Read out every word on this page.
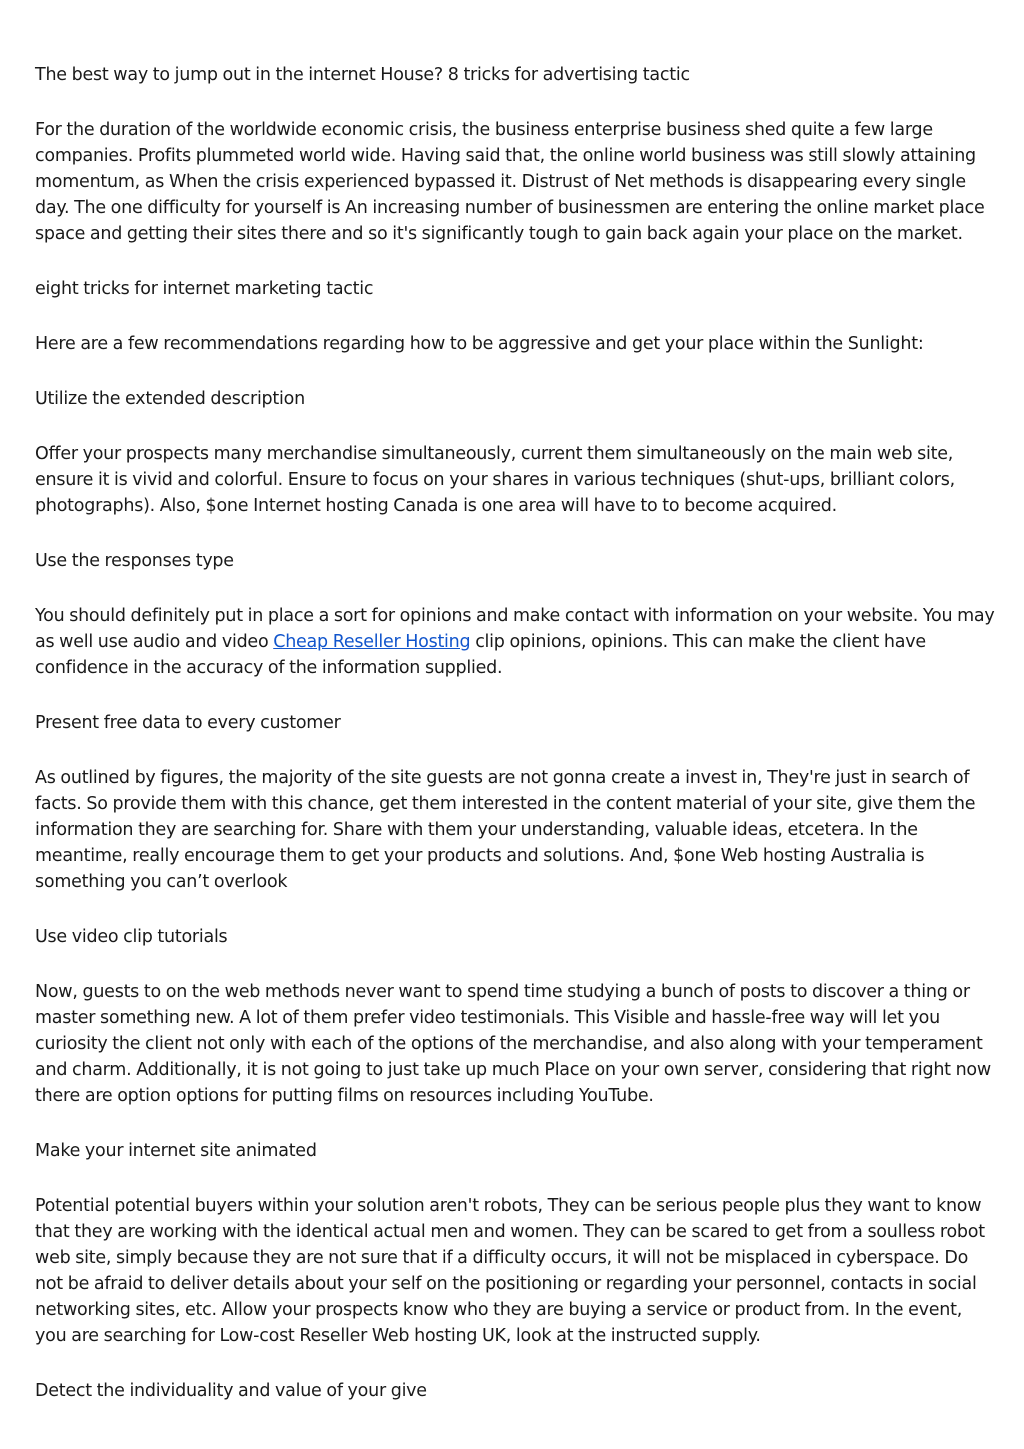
The best way to jump out in the internet House? 8 tricks for advertising tactic

For the duration of the worldwide economic crisis, the business enterprise business shed quite a few large companies. Profits plummeted world wide. Having said that, the online world business was still slowly attaining momentum, as When the crisis experienced bypassed it. Distrust of Net methods is disappearing every single day. The one difficulty for yourself is An increasing number of businessmen are entering the online market place space and getting their sites there and so it's significantly tough to gain back again your place on the market.

eight tricks for internet marketing tactic

Here are a few recommendations regarding how to be aggressive and get your place within the Sunlight:

Utilize the extended description

Offer your prospects many merchandise simultaneously, current them simultaneously on the main web site, ensure it is vivid and colorful. Ensure to focus on your shares in various techniques (shut-ups, brilliant colors, photographs). Also, $one Internet hosting Canada is one area will have to to become acquired.

Use the responses type

You should definitely put in place a sort for opinions and make contact with information on your website. You may as well use audio and video Cheap Reseller Hosting clip opinions, opinions. This can make the client have confidence in the accuracy of the information supplied.

Present free data to every customer

As outlined by figures, the majority of the site guests are not gonna create a invest in, They're just in search of facts. So provide them with this chance, get them interested in the content material of your site, give them the information they are searching for. Share with them your understanding, valuable ideas, etcetera. In the meantime, really encourage them to get your products and solutions. And, $one Web hosting Australia is something you can’t overlook

Use video clip tutorials

Now, guests to on the web methods never want to spend time studying a bunch of posts to discover a thing or master something new. A lot of them prefer video testimonials. This Visible and hassle-free way will let you curiosity the client not only with each of the options of the merchandise, and also along with your temperament and charm. Additionally, it is not going to just take up much Place on your own server, considering that right now there are option options for putting films on resources including YouTube.

Make your internet site animated

Potential potential buyers within your solution aren't robots, They can be serious people plus they want to know that they are working with the identical actual men and women. They can be scared to get from a soulless robot web site, simply because they are not sure that if a difficulty occurs, it will not be misplaced in cyberspace. Do not be afraid to deliver details about your self on the positioning or regarding your personnel, contacts in social networking sites, etc. Allow your prospects know who they are buying a service or product from. In the event, you are searching for Low-cost Reseller Web hosting UK, look at the instructed supply.

Detect the individuality and value of your give
